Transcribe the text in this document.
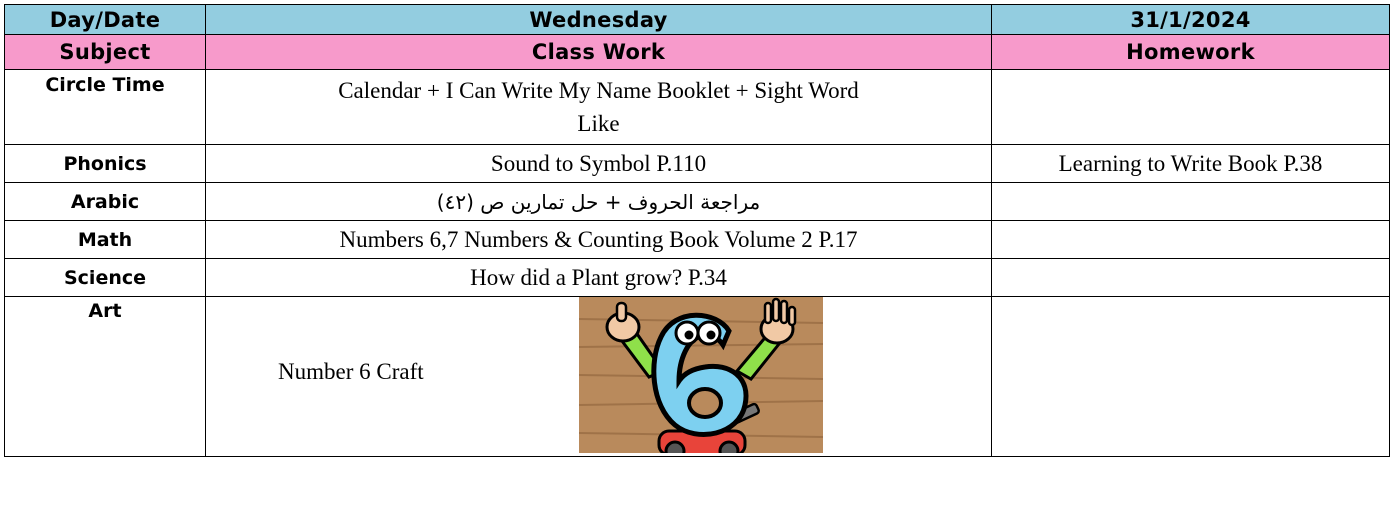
Day/Date	Wednesday	31/1/2024
Subject	Class Work	Homework
Circle Time	Calendar + I Can Write My Name Booklet + Sight Word Like	

Phonics	Sound to Symbol P.110	Learning to Write Book P.38
Arabic	مراجعة الحروف + حل تمارين ص (٤٢)	
Math	Numbers 6,7 Numbers & Counting Book Volume 2 P.17	
Science	How did a Plant grow? P.34	
Art	Number 6 Craft	
